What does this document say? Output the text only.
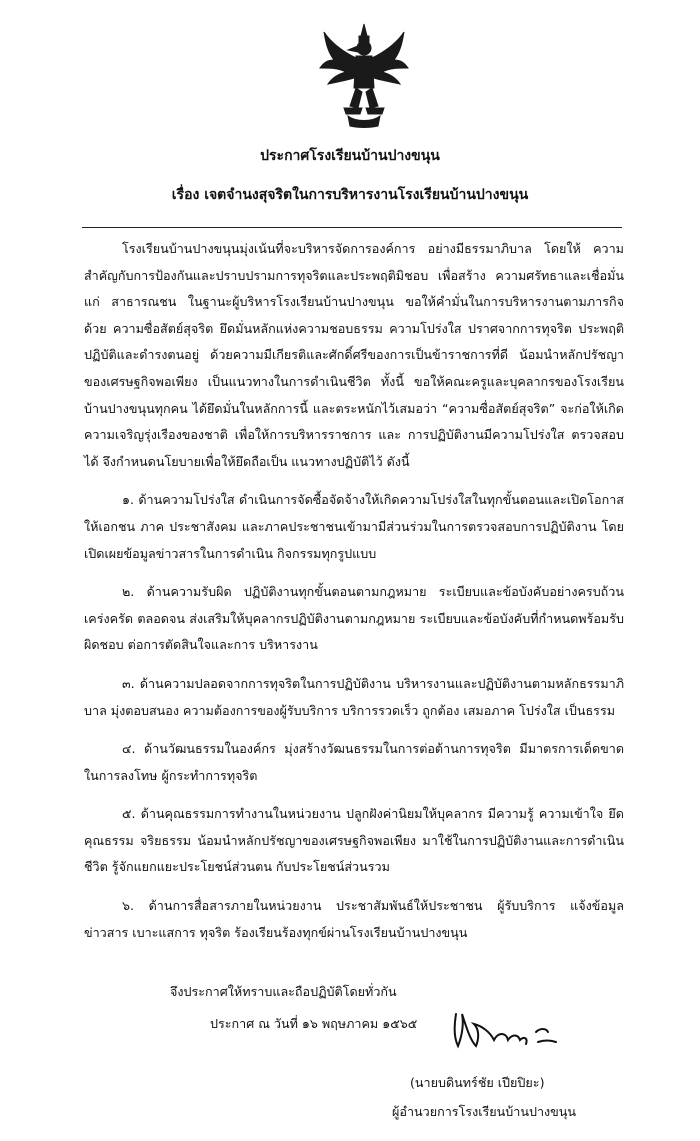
ประกาศโรงเรียนบ้านปางขนุน
เรื่อง เจตจำนงสุจริตในการบริหารงานโรงเรียนบ้านปางขนุน

โรงเรียนบ้านปางขนุนมุ่งเน้นที่จะบริหารจัดการองค์การ อย่างมีธรรมาภิบาล โดยให้ ความสำคัญกับการป้องกันและปราบปรามการทุจริตและประพฤติมิชอบ เพื่อสร้าง ความศรัทธาและเชื่อมั่นแก่ สาธารณชน ในฐานะผู้บริหารโรงเรียนบ้านปางขนุน ขอให้คำมั่นในการบริหารงานตามภารกิจด้วย ความซื่อสัตย์สุจริต ยึดมั่นหลักแห่งความชอบธรรม ความโปร่งใส ปราศจากการทุจริต ประพฤติปฏิบัติและดำรงตนอยู่ ด้วยความมีเกียรติและศักดิ์ศรีของการเป็นข้าราชการที่ดี น้อมนำหลักปรัชญาของเศรษฐกิจพอเพียง เป็นแนวทางในการดำเนินชีวิต ทั้งนี้ ขอให้คณะครูและบุคลากรของโรงเรียนบ้านปางขนุนทุกคน ได้ยึดมั่นในหลักการนี้ และตระหนักไว้เสมอว่า “ความซื่อสัตย์สุจริต” จะก่อให้เกิดความเจริญรุ่งเรืองของชาติ เพื่อให้การบริหารราชการ และ การปฏิบัติงานมีความโปร่งใส ตรวจสอบได้ จึงกำหนดนโยบายเพื่อให้ยึดถือเป็น แนวทางปฏิบัติไว้ ดังนี้

๑. ด้านความโปร่งใส ดำเนินการจัดซื้อจัดจ้างให้เกิดความโปร่งใสในทุกขั้นตอนและเปิดโอกาสให้เอกชน ภาค ประชาสังคม และภาคประชาชนเข้ามามีส่วนร่วมในการตรวจสอบการปฏิบัติงาน โดยเปิดเผยข้อมูลข่าวสารในการดำเนิน กิจกรรมทุกรูปแบบ

๒. ด้านความรับผิด ปฏิบัติงานทุกขั้นตอนตามกฎหมาย ระเบียบและข้อบังคับอย่างครบถ้วน เคร่งครัด ตลอดจน ส่งเสริมให้บุคลากรปฏิบัติงานตามกฎหมาย ระเบียบและข้อบังคับที่กำหนดพร้อมรับผิดชอบ ต่อการตัดสินใจและการ บริหารงาน

๓. ด้านความปลอดจากการทุจริตในการปฏิบัติงาน บริหารงานและปฏิบัติงานตามหลักธรรมาภิบาล มุ่งตอบสนอง ความต้องการของผู้รับบริการ บริการรวดเร็ว ถูกต้อง เสมอภาค โปร่งใส เป็นธรรม

๔. ด้านวัฒนธรรมในองค์กร มุ่งสร้างวัฒนธรรมในการต่อต้านการทุจริต มีมาตรการเด็ดขาด ในการลงโทษ ผู้กระทำการทุจริต

๕. ด้านคุณธรรมการทำงานในหน่วยงาน ปลูกฝังค่านิยมให้บุคลากร มีความรู้ ความเข้าใจ ยึดคุณธรรม จริยธรรม น้อมนำหลักปรัชญาของเศรษฐกิจพอเพียง มาใช้ในการปฏิบัติงานและการดำเนินชีวิต รู้จักแยกแยะประโยชน์ส่วนตน กับประโยชน์ส่วนรวม

๖. ด้านการสื่อสารภายในหน่วยงาน ประชาสัมพันธ์ให้ประชาชน ผู้รับบริการ แจ้งข้อมูลข่าวสาร เบาะแสการ ทุจริต ร้องเรียนร้องทุกข์ผ่านโรงเรียนบ้านปางขนุน

จึงประกาศให้ทราบและถือปฏิบัติโดยทั่วกัน
ประกาศ ณ วันที่ ๑๖ พฤษภาคม ๑๕๖๕
(นายบดินทร์ชัย เปียปิยะ)
ผู้อำนวยการโรงเรียนบ้านปางขนุน
